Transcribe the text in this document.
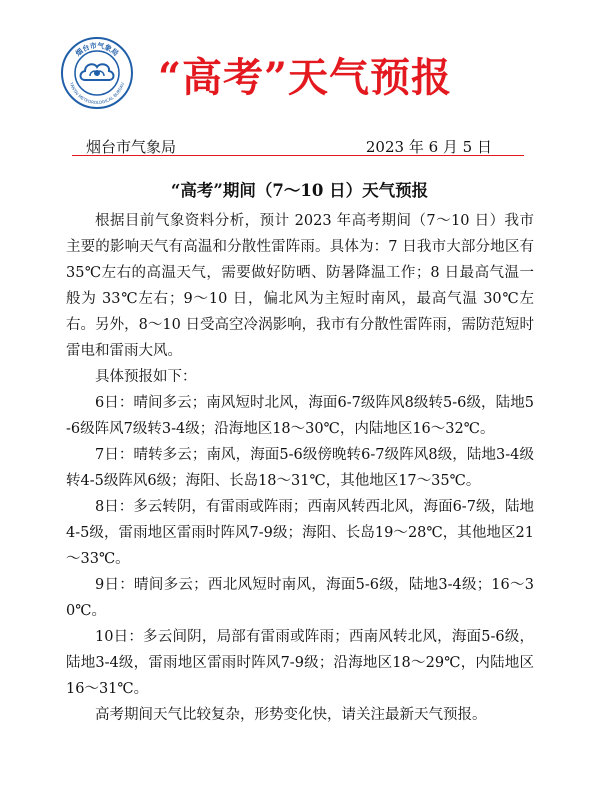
烟台市气象局
YANTAI METEOROLOGICAL BUREAU “高考”天气预报
烟台市气象局	2023 年 6 月 5 日
“高考”期间（7～10 日）天气预报

根据目前气象资料分析，预计 2023 年高考期间（7～10 日）我市主要的影响天气有高温和分散性雷阵雨。具体为：7 日我市大部分地区有 35℃左右的高温天气，需要做好防晒、防暑降温工作；8 日最高气温一般为 33℃左右；9～10 日，偏北风为主短时南风，最高气温 30℃左右。另外，8～10 日受高空冷涡影响，我市有分散性雷阵雨，需防范短时雷电和雷雨大风。

具体预报如下：

6日：晴间多云；南风短时北风，海面6-7级阵风8级转5-6级，陆地5-6级阵风7级转3-4级；沿海地区18～30℃，内陆地区16～32℃。

7日：晴转多云；南风，海面5-6级傍晚转6-7级阵风8级，陆地3-4级转4-5级阵风6级；海阳、长岛18～31℃，其他地区17～35℃。

8日：多云转阴，有雷雨或阵雨；西南风转西北风，海面6-7级，陆地4-5级，雷雨地区雷雨时阵风7-9级；海阳、长岛19～28℃，其他地区21～33℃。

9日：晴间多云；西北风短时南风，海面5-6级，陆地3-4级；16～30℃。

10日：多云间阴，局部有雷雨或阵雨；西南风转北风，海面5-6级，陆地3-4级，雷雨地区雷雨时阵风7-9级；沿海地区18～29℃，内陆地区16～31℃。

高考期间天气比较复杂，形势变化快，请关注最新天气预报。
